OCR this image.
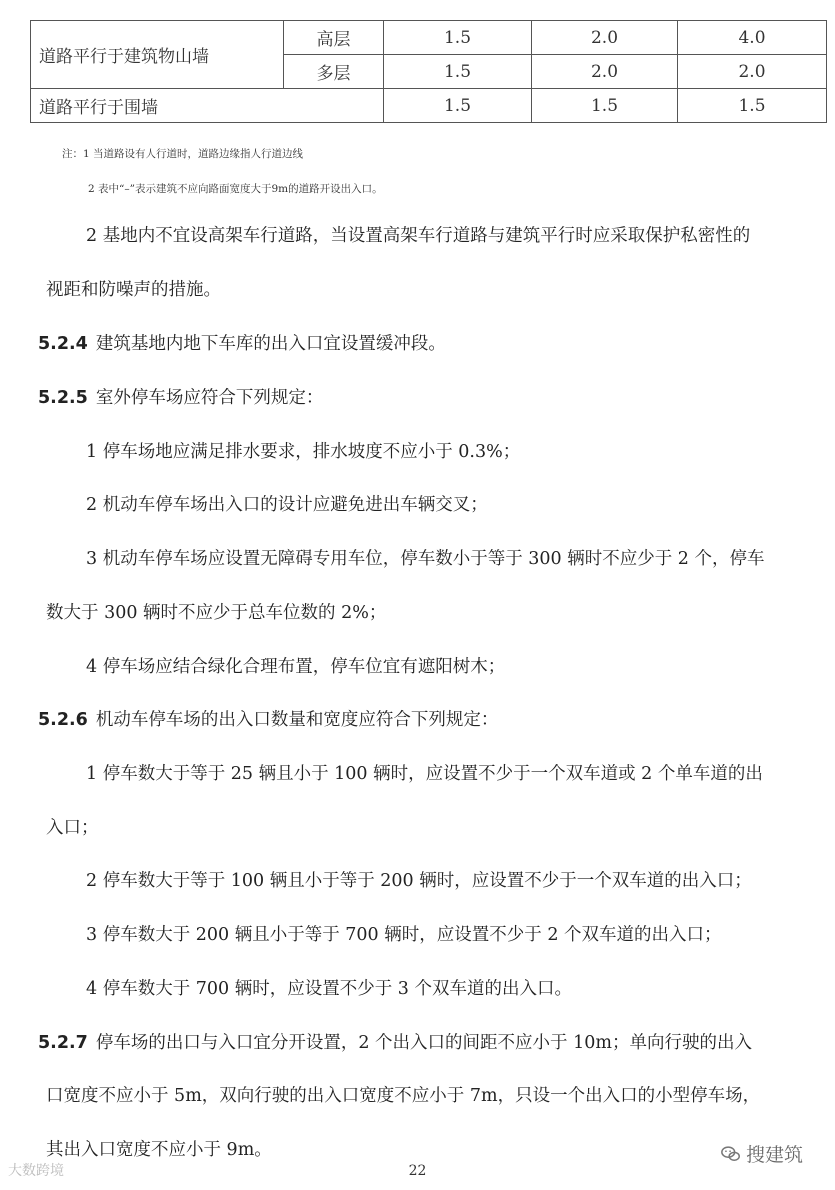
道路平行于建筑物山墙	高层	1.5	2.0	4.0
	多层	1.5	2.0	2.0
道路平行于围墙		1.5	1.5	1.5
注：1 当道路设有人行道时，道路边缘指人行道边线
2 表中“–”表示建筑不应向路面宽度大于9m的道路开设出入口。
2 基地内不宜设高架车行道路，当设置高架车行道路与建筑平行时应采取保护私密性的
视距和防噪声的措施。
5.2.4 建筑基地内地下车库的出入口宜设置缓冲段。
5.2.5 室外停车场应符合下列规定：
1 停车场地应满足排水要求，排水坡度不应小于 0.3%；
2 机动车停车场出入口的设计应避免进出车辆交叉；
3 机动车停车场应设置无障碍专用车位，停车数小于等于 300 辆时不应少于 2 个，停车
数大于 300 辆时不应少于总车位数的 2%；
4 停车场应结合绿化合理布置，停车位宜有遮阳树木；
5.2.6 机动车停车场的出入口数量和宽度应符合下列规定：
1 停车数大于等于 25 辆且小于 100 辆时，应设置不少于一个双车道或 2 个单车道的出
入口；
2 停车数大于等于 100 辆且小于等于 200 辆时，应设置不少于一个双车道的出入口；
3 停车数大于 200 辆且小于等于 700 辆时，应设置不少于 2 个双车道的出入口；
4 停车数大于 700 辆时，应设置不少于 3 个双车道的出入口。
5.2.7 停车场的出口与入口宜分开设置，2 个出入口的间距不应小于 10m；单向行驶的出入
口宽度不应小于 5m，双向行驶的出入口宽度不应小于 7m，只设一个出入口的小型停车场，
其出入口宽度不应小于 9m。
大数跨境	22
搜建筑
